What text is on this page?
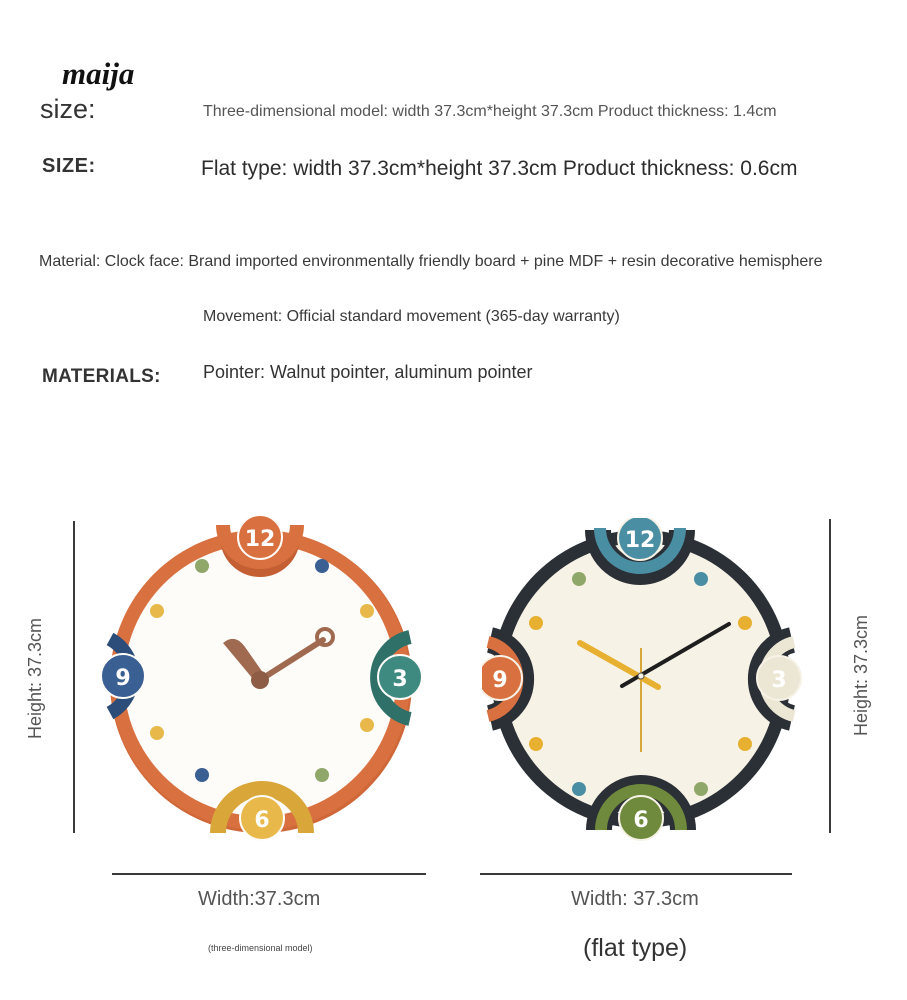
maija
size:	Three-dimensional model: width 37.3cm*height 37.3cm Product thickness: 1.4cm
SIZE:	Flat type: width 37.3cm*height 37.3cm Product thickness: 0.6cm
Material: Clock face: Brand imported environmentally friendly board + pine MDF + resin decorative hemisphere
Movement: Official standard movement (365-day warranty)
MATERIALS: Pointer: Walnut pointer, aluminum pointer
Height: 37.3cm	Height: 37.3cm
Width:37.3cm	Width: 37.3cm
(three-dimensional model)	(flat type)
12
3
6
9
12
3
6
9
